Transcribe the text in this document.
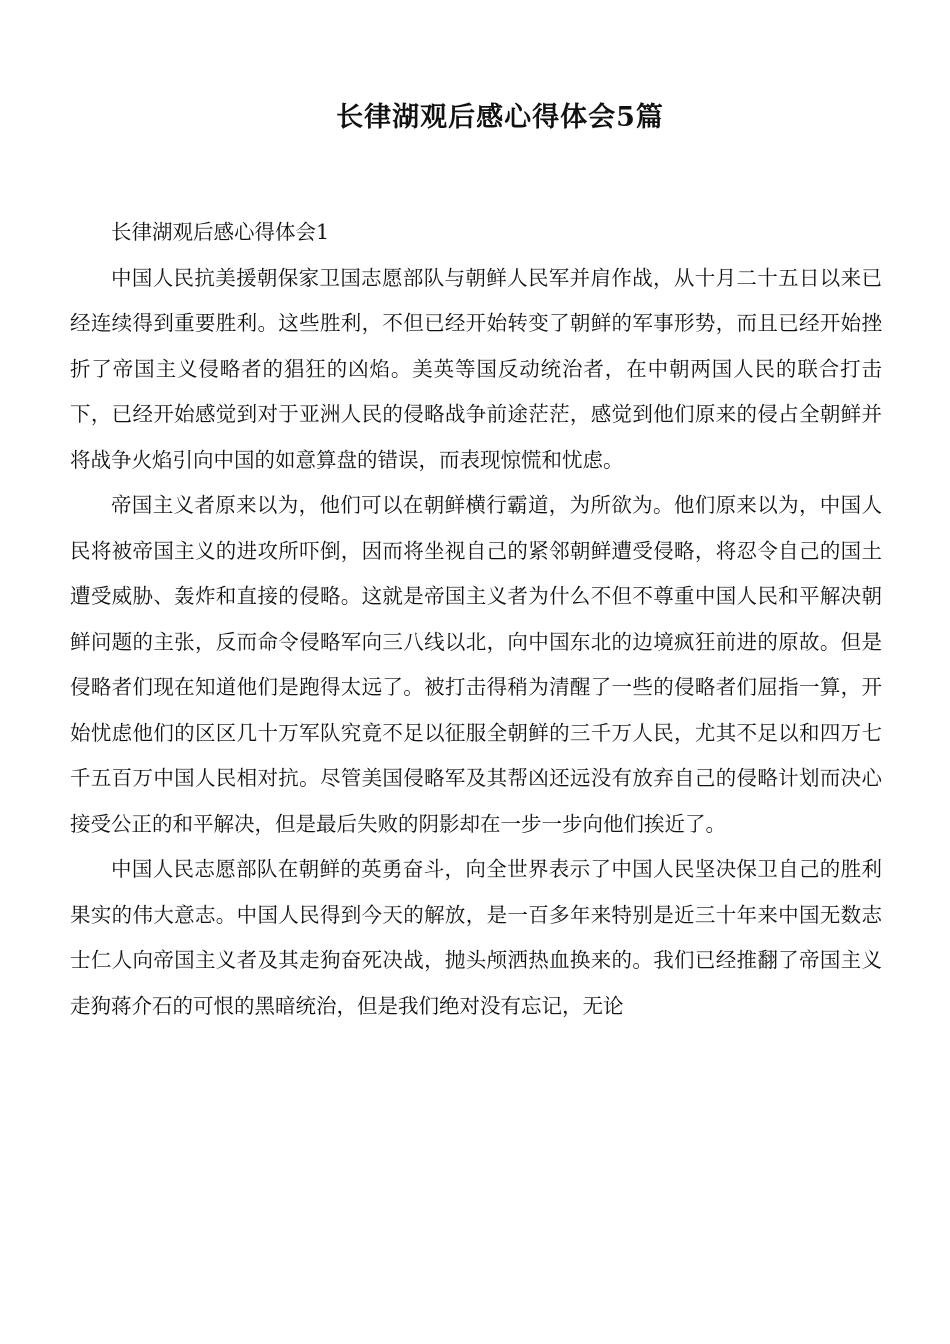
长律湖观后感心得体会5篇

长律湖观后感心得体会1

中国人民抗美援朝保家卫国志愿部队与朝鲜人民军并肩作战，从十月二十五日以来已经连续得到重要胜利。这些胜利，不但已经开始转变了朝鲜的军事形势，而且已经开始挫折了帝国主义侵略者的猖狂的凶焰。美英等国反动统治者，在中朝两国人民的联合打击下，已经开始感觉到对于亚洲人民的侵略战争前途茫茫，感觉到他们原来的侵占全朝鲜并将战争火焰引向中国的如意算盘的错误，而表现惊慌和忧虑。

帝国主义者原来以为，他们可以在朝鲜横行霸道，为所欲为。他们原来以为，中国人民将被帝国主义的进攻所吓倒，因而将坐视自己的紧邻朝鲜遭受侵略，将忍令自己的国土遭受威胁、轰炸和直接的侵略。这就是帝国主义者为什么不但不尊重中国人民和平解决朝鲜问题的主张，反而命令侵略军向三八线以北，向中国东北的边境疯狂前进的原故。但是侵略者们现在知道他们是跑得太远了。被打击得稍为清醒了一些的侵略者们屈指一算，开始忧虑他们的区区几十万军队究竟不足以征服全朝鲜的三千万人民，尤其不足以和四万七千五百万中国人民相对抗。尽管美国侵略军及其帮凶还远没有放弃自己的侵略计划而决心接受公正的和平解决，但是最后失败的阴影却在一步一步向他们挨近了。

中国人民志愿部队在朝鲜的英勇奋斗，向全世界表示了中国人民坚决保卫自己的胜利果实的伟大意志。中国人民得到今天的解放，是一百多年来特别是近三十年来中国无数志士仁人向帝国主义者及其走狗奋死决战，抛头颅洒热血换来的。我们已经推翻了帝国主义走狗蒋介石的可恨的黑暗统治，但是我们绝对没有忘记，无论
